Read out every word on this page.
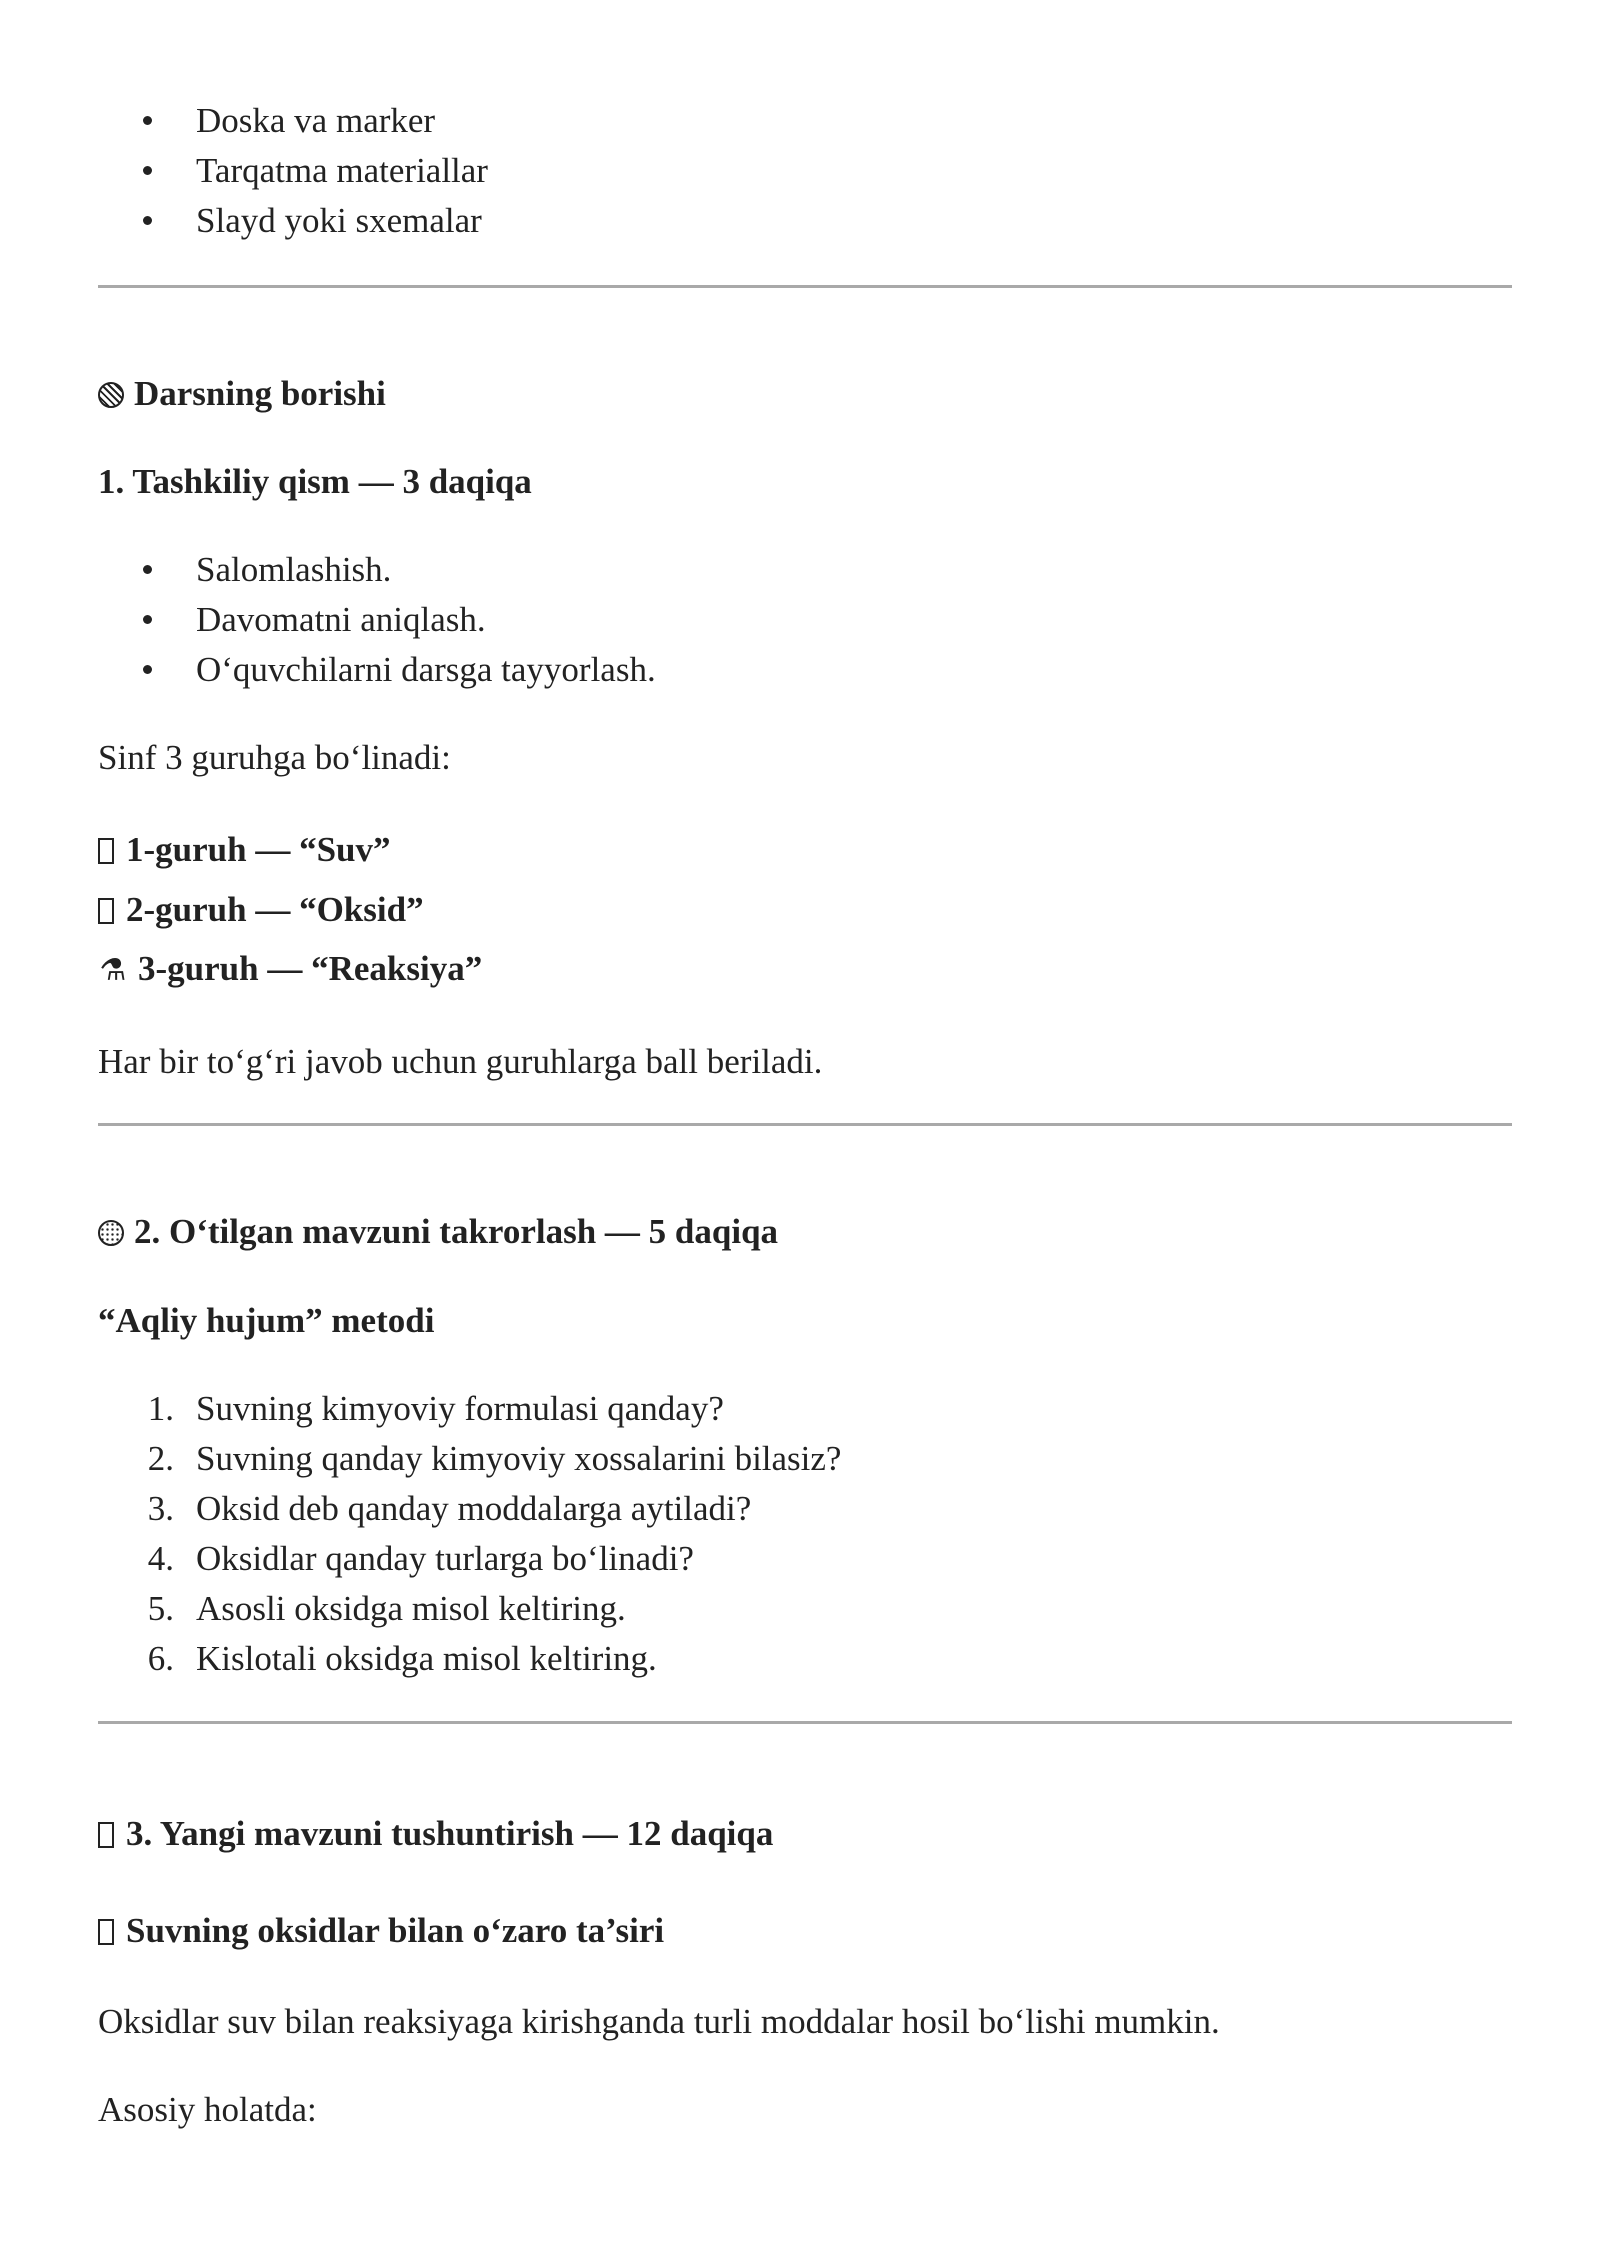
Doska va marker
Tarqatma materiallar
Slayd yoki sxemalar
Darsning borishi
1. Tashkiliy qism — 3 daqiqa
Salomlashish.
Davomatni aniqlash.
O‘quvchilarni darsga tayyorlash.
Sinf 3 guruhga bo‘linadi:
1-guruh — “Suv”
2-guruh — “Oksid”
⚗ 3-guruh — “Reaksiya”
Har bir to‘g‘ri javob uchun guruhlarga ball beriladi.
2. O‘tilgan mavzuni takrorlash — 5 daqiqa
“Aqliy hujum” metodi
1. Suvning kimyoviy formulasi qanday?
2. Suvning qanday kimyoviy xossalarini bilasiz?
3. Oksid deb qanday moddalarga aytiladi?
4. Oksidlar qanday turlarga bo‘linadi?
5. Asosli oksidga misol keltiring.
6. Kislotali oksidga misol keltiring.
3. Yangi mavzuni tushuntirish — 12 daqiqa
Suvning oksidlar bilan o‘zaro ta’siri
Oksidlar suv bilan reaksiyaga kirishganda turli moddalar hosil bo‘lishi mumkin.
Asosiy holatda:
